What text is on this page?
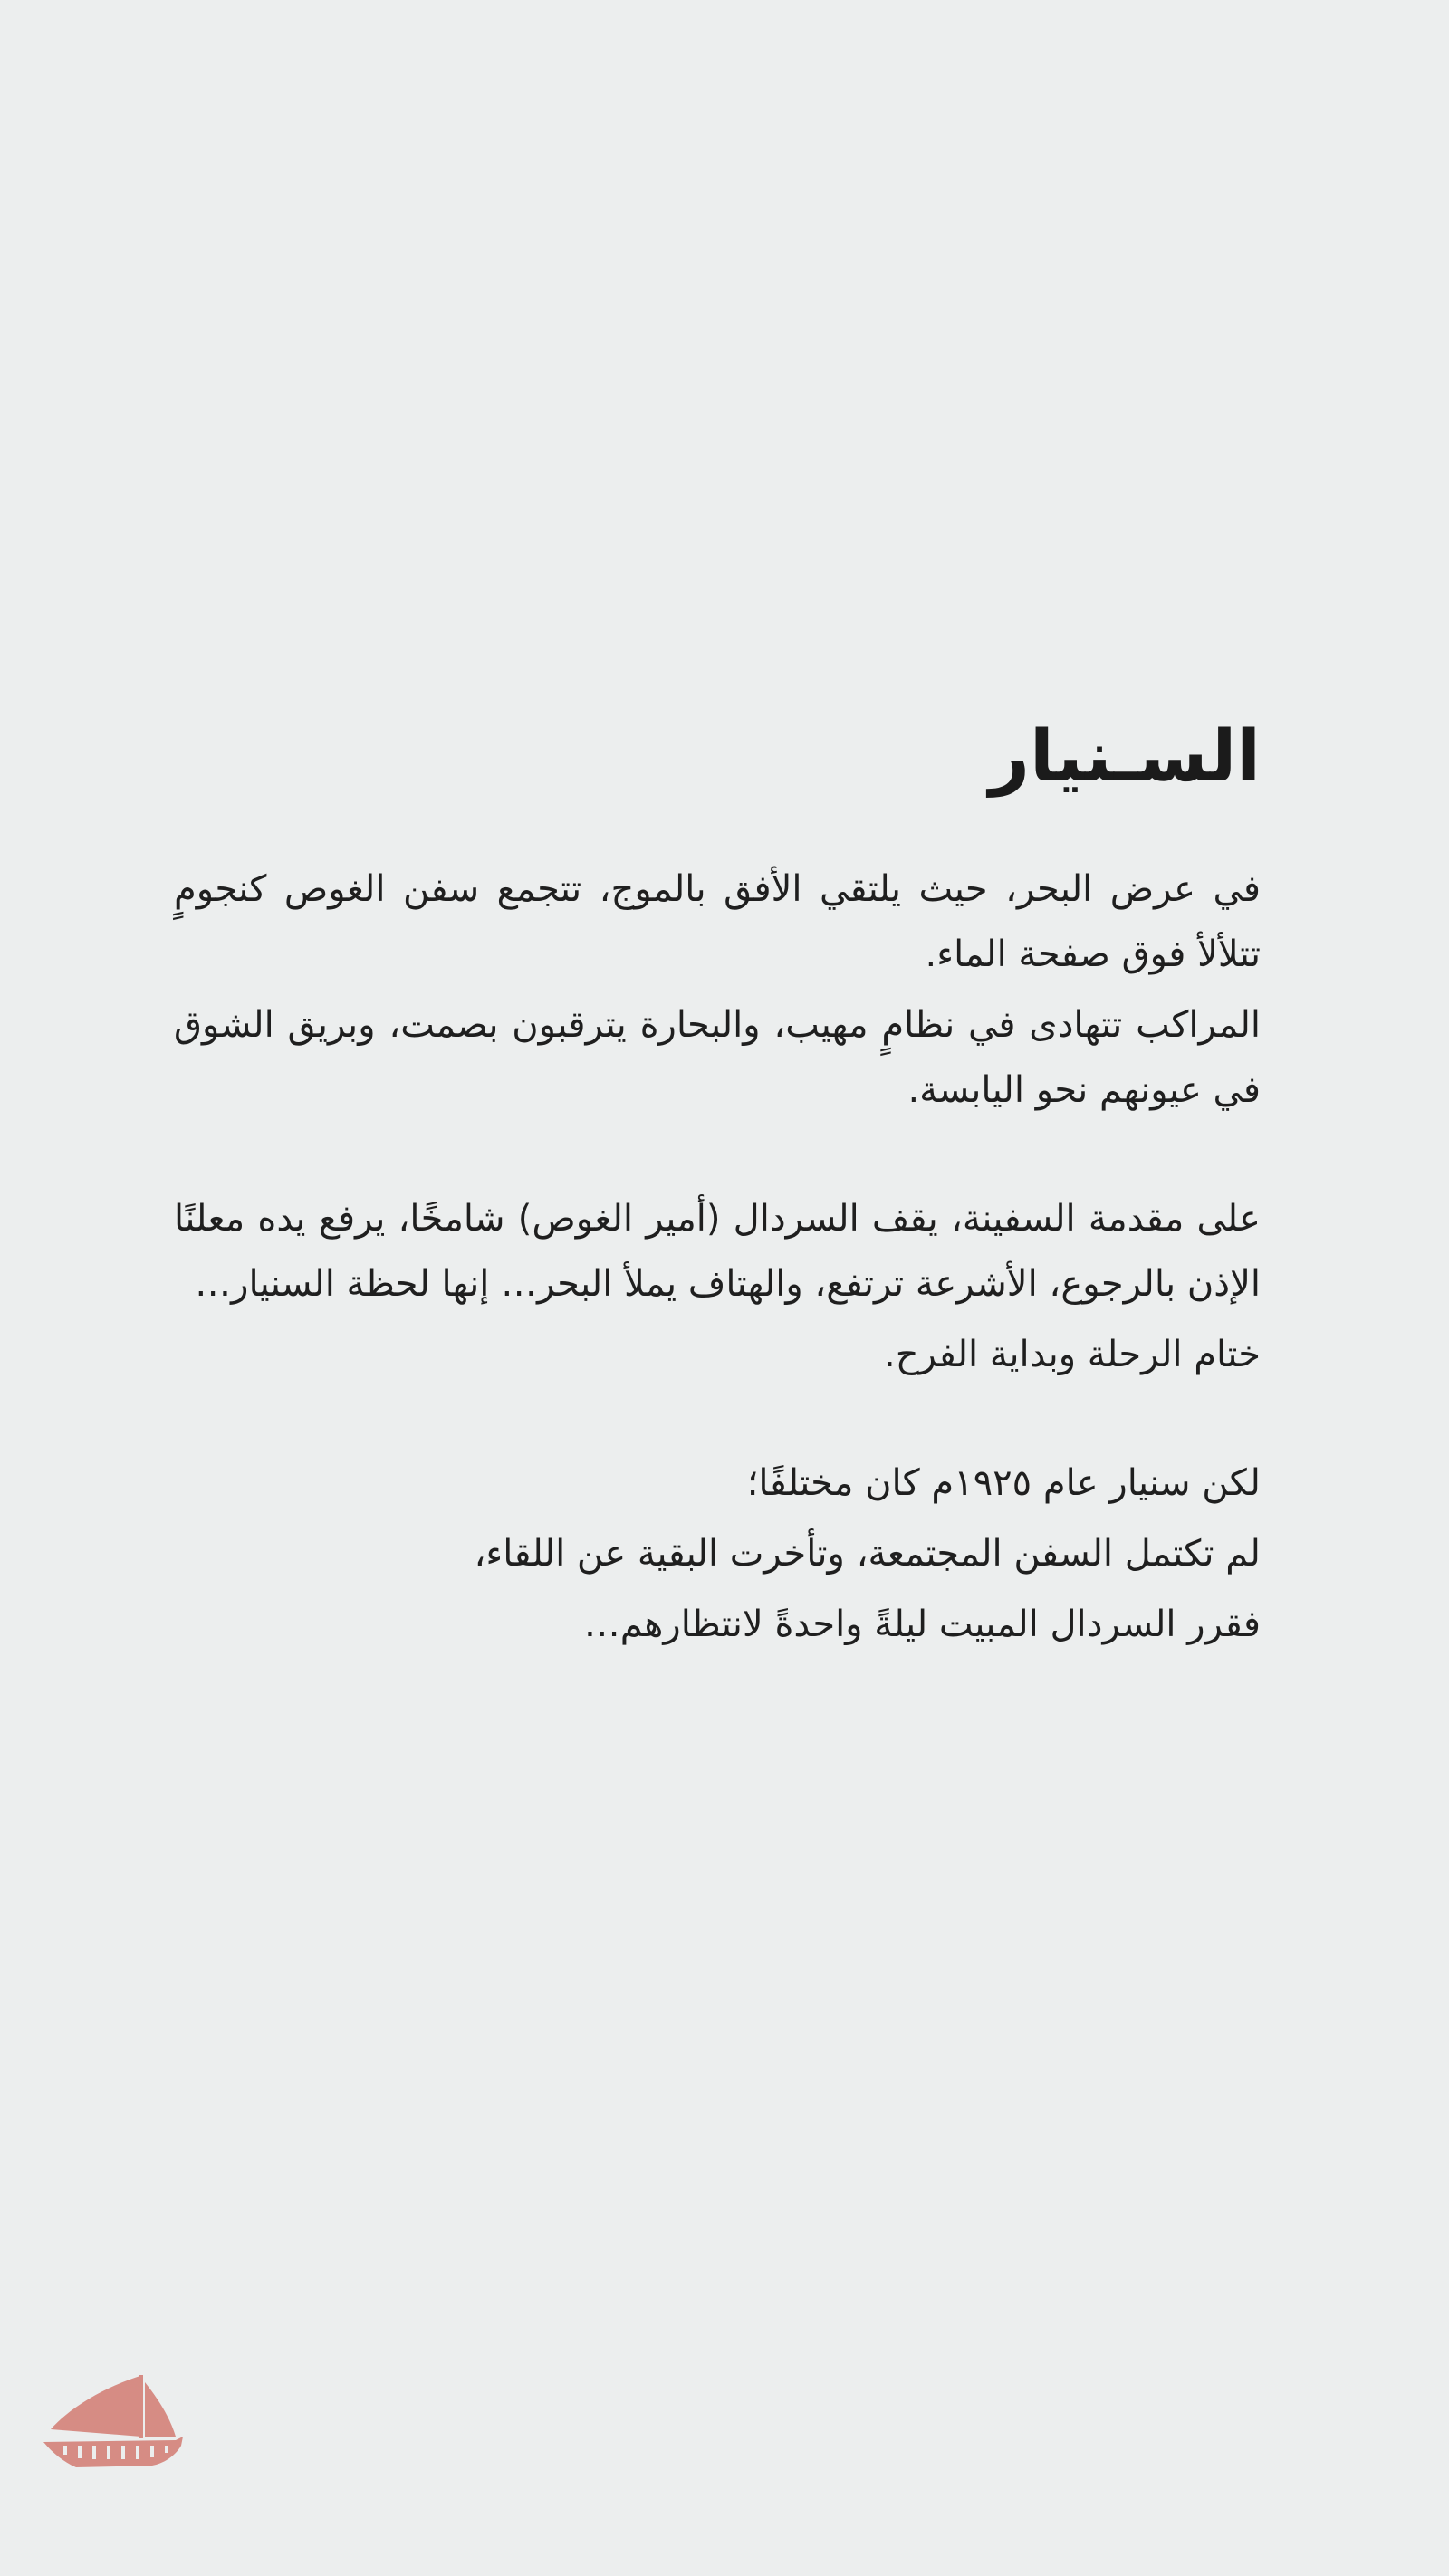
السـنيار

في عرض البحر، حيث يلتقي الأفق بالموج، تتجمع سفن الغوص كنجومٍ تتلألأ فوق صفحة الماء.

المراكب تتهادى في نظامٍ مهيب، والبحارة يترقبون بصمت، وبريق الشوق في عيونهم نحو اليابسة.

على مقدمة السفينة، يقف السردال (أمير الغوص) شامخًا، يرفع يده معلنًا الإذن بالرجوع، الأشرعة ترتفع، والهتاف يملأ البحر… إنها لحظة السنيار…

ختام الرحلة وبداية الفرح.

لكن سنيار عام ١٩٢٥م كان مختلفًا؛

لم تكتمل السفن المجتمعة، وتأخرت البقية عن اللقاء،

فقرر السردال المبيت ليلةً واحدةً لانتظارهم…
